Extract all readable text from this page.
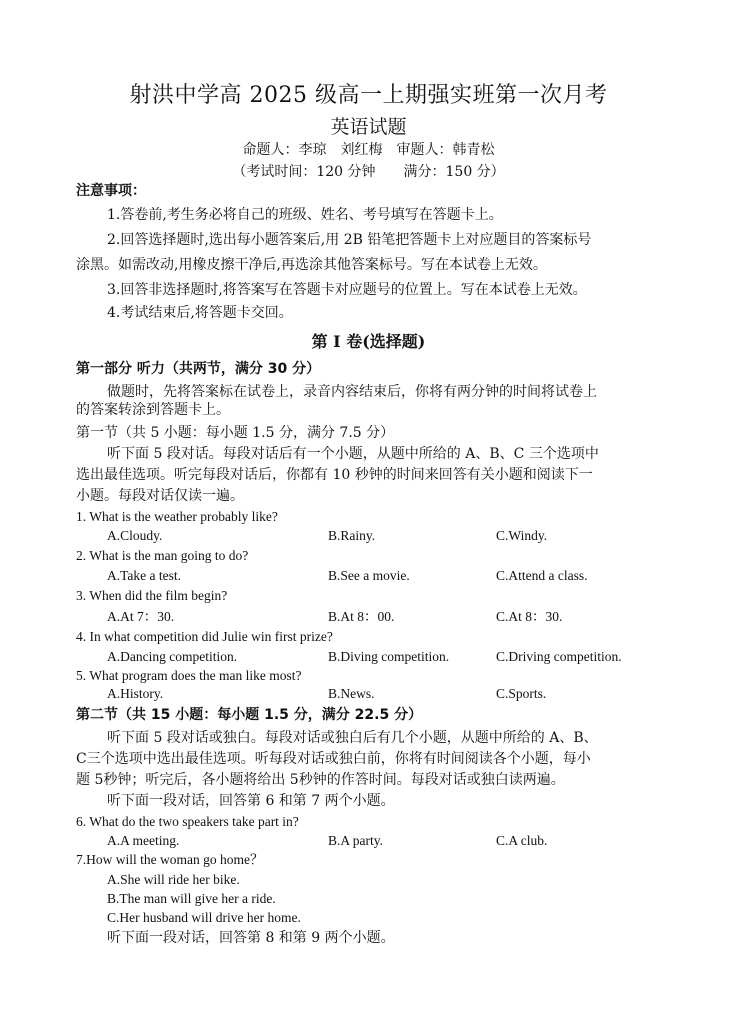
射洪中学高 2025 级高一上期强实班第一次月考
英语试题
命题人：李琼　刘红梅　审题人：韩青松
（考试时间：120 分钟　　满分：150 分）
注意事项：
1.答卷前,考生务必将自己的班级、姓名、考号填写在答题卡上。
2.回答选择题时,选出每小题答案后,用 2B 铅笔把答题卡上对应题目的答案标号
涂黑。如需改动,用橡皮擦干净后,再选涂其他答案标号。写在本试卷上无效。
3.回答非选择题时,将答案写在答题卡对应题号的位置上。写在本试卷上无效。
4.考试结束后,将答题卡交回。
第 I 卷(选择题)
第一部分 听力（共两节，满分 30 分）
做题时，先将答案标在试卷上，录音内容结束后，你将有两分钟的时间将试卷上
的答案转涂到答题卡上。
第一节（共 5 小题：每小题 1.5 分，满分 7.5 分）
听下面 5 段对话。每段对话后有一个小题，从题中所给的 A、B、C 三个选项中
选出最佳选项。听完每段对话后，你都有 10 秒钟的时间来回答有关小题和阅读下一
小题。每段对话仅读一遍。
1. What is the weather probably like?
A.Cloudy.	B.Rainy.	C.Windy.
2. What is the man going to do?
A.Take a test.	B.See a movie.	C.Attend a class.
3. When did the film begin?
A.At 7：30.	B.At 8：00.	C.At 8：30.
4. In what competition did Julie win first prize?
A.Dancing competition.	B.Diving competition.	C.Driving competition.
5. What program does the man like most?
A.History.	B.News.	C.Sports.
第二节（共 15 小题：每小题 1.5 分，满分 22.5 分）
听下面 5 段对话或独白。每段对话或独白后有几个小题，从题中所给的 A、B、
C三个选项中选出最佳选项。听每段对话或独白前，你将有时间阅读各个小题，每小
题 5秒钟；听完后，各小题将给出 5秒钟的作答时间。每段对话或独白读两遍。
听下面一段对话，回答第 6 和第 7 两个小题。
6. What do the two speakers take part in?
A.A meeting.	B.A party.	C.A club.
7.How will the woman go home？
A.She will ride her bike.
B.The man will give her a ride.
C.Her husband will drive her home.
听下面一段对话，回答第 8 和第 9 两个小题。
